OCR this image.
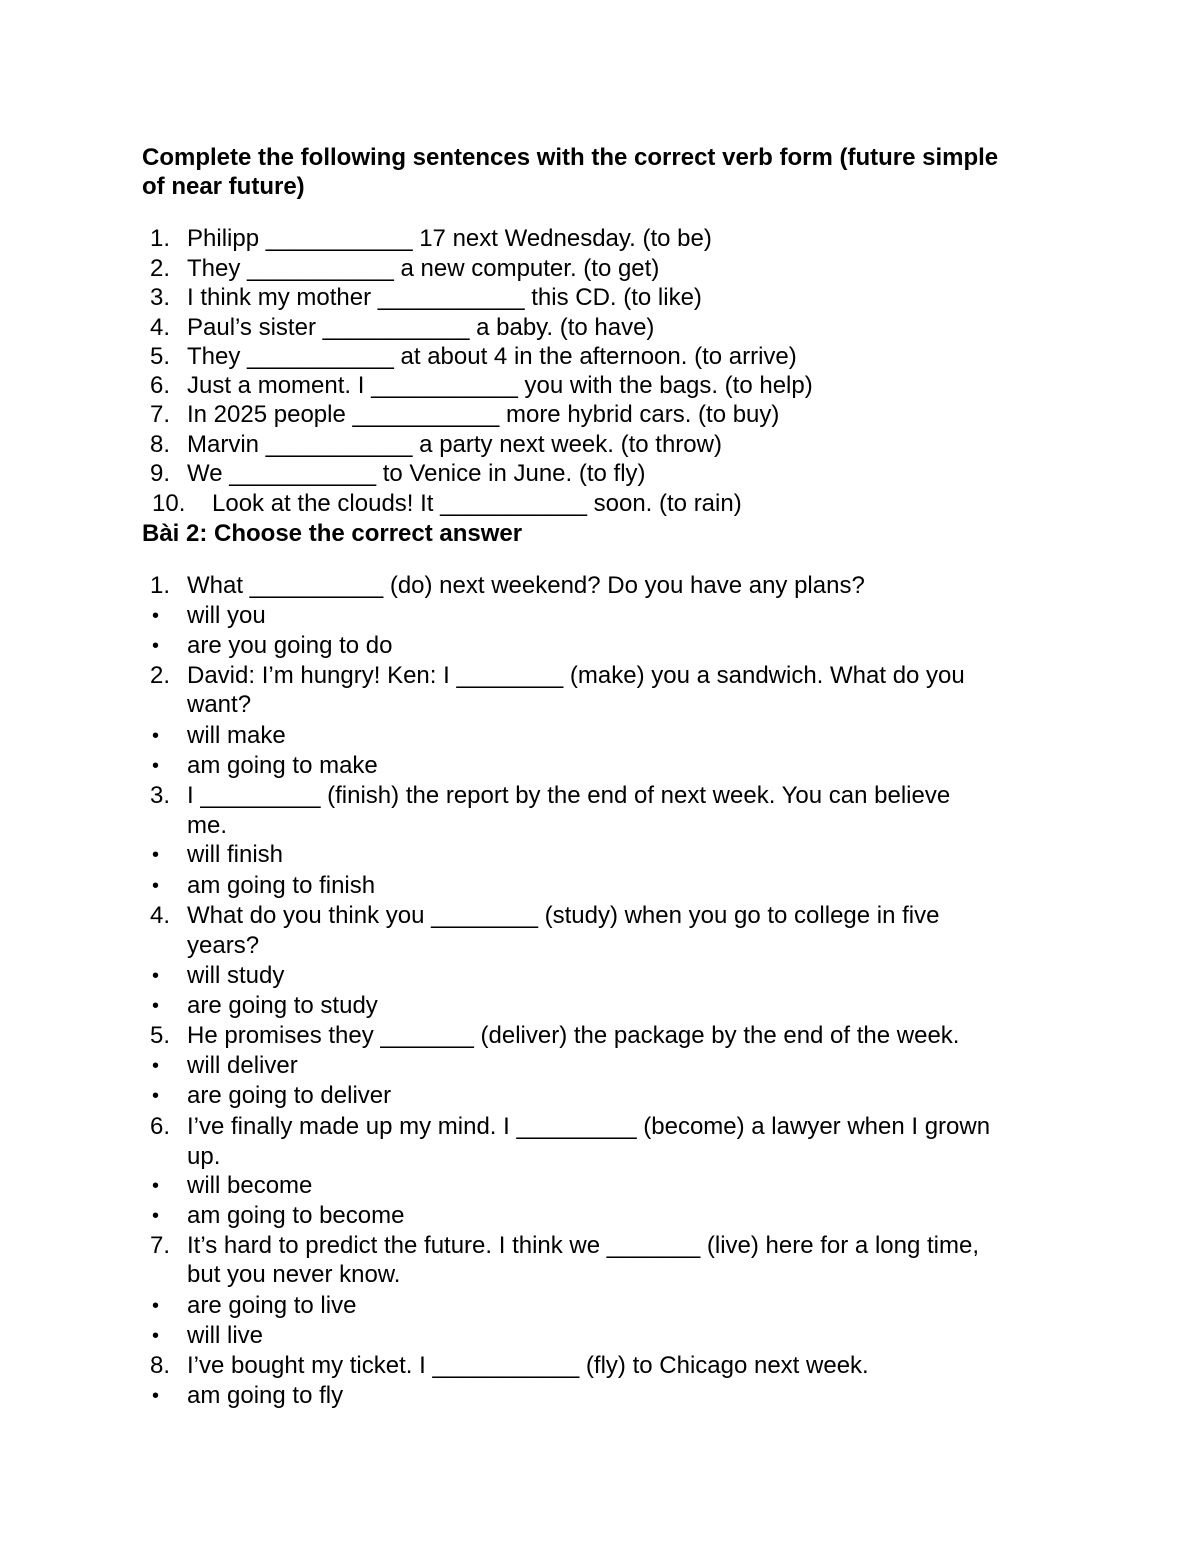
Complete the following sentences with the correct verb form (future simple

of near future)

1. Philipp ___________ 17 next Wednesday. (to be)
2. They ___________ a new computer. (to get)
3. I think my mother ___________ this CD. (to like)
4. Paul’s sister ___________ a baby. (to have)
5. They ___________ at about 4 in the afternoon. (to arrive)
6. Just a moment. I ___________ you with the bags. (to help)
7. In 2025 people ___________ more hybrid cars. (to buy)
8. Marvin ___________ a party next week. (to throw)
9. We ___________ to Venice in June. (to fly)
10. Look at the clouds! It ___________ soon. (to rain)

Bài 2: Choose the correct answer

1. What __________ (do) next weekend? Do you have any plans?
• will you
• are you going to do
2. David: I’m hungry! Ken: I ________ (make) you a sandwich. What do you
want?
• will make
• am going to make
3. I _________ (finish) the report by the end of next week. You can believe
me.
• will finish
• am going to finish
4. What do you think you ________ (study) when you go to college in five
years?
• will study
• are going to study
5. He promises they _______ (deliver) the package by the end of the week.
• will deliver
• are going to deliver
6. I’ve finally made up my mind. I _________ (become) a lawyer when I grown
up.
• will become
• am going to become
7. It’s hard to predict the future. I think we _______ (live) here for a long time,
but you never know.
• are going to live
• will live
8. I’ve bought my ticket. I ___________ (fly) to Chicago next week.
• am going to fly
